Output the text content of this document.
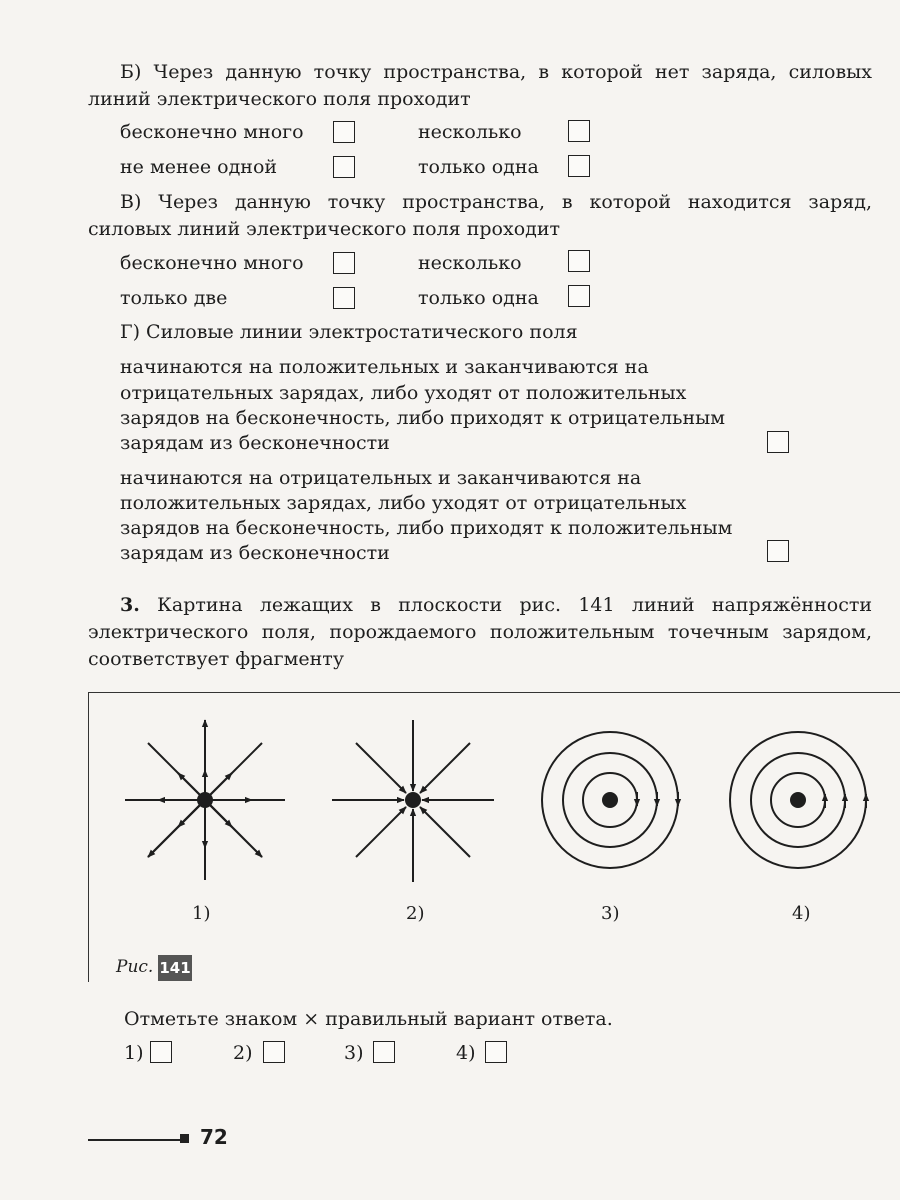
Б) Через данную точку пространства, в которой нет заряда, силовых линий электрического поля проходит
бесконечно много	несколько
не менее одной	только одна
В) Через данную точку пространства, в которой находится заряд, силовых линий электрического поля проходит
бесконечно много	несколько
только две	только одна
Г) Силовые линии электростатического поля
начинаются на положительных и заканчиваются на
отрицательных зарядах, либо уходят от положительных
зарядов на бесконечность, либо приходят к отрицательным
зарядам из бесконечности
начинаются на отрицательных и заканчиваются на
положительных зарядах, либо уходят от отрицательных
зарядов на бесконечность, либо приходят к положительным
зарядам из бесконечности
3. Картина лежащих в плоскости рис. 141 линий напряжённости электрического поля, порождаемого положительным точечным зарядом, соответствует фрагменту
1)	2)	3)	4)
Рис. 141
Отметьте знаком × правильный вариант ответа.
1)	2)	3)	4)
72
